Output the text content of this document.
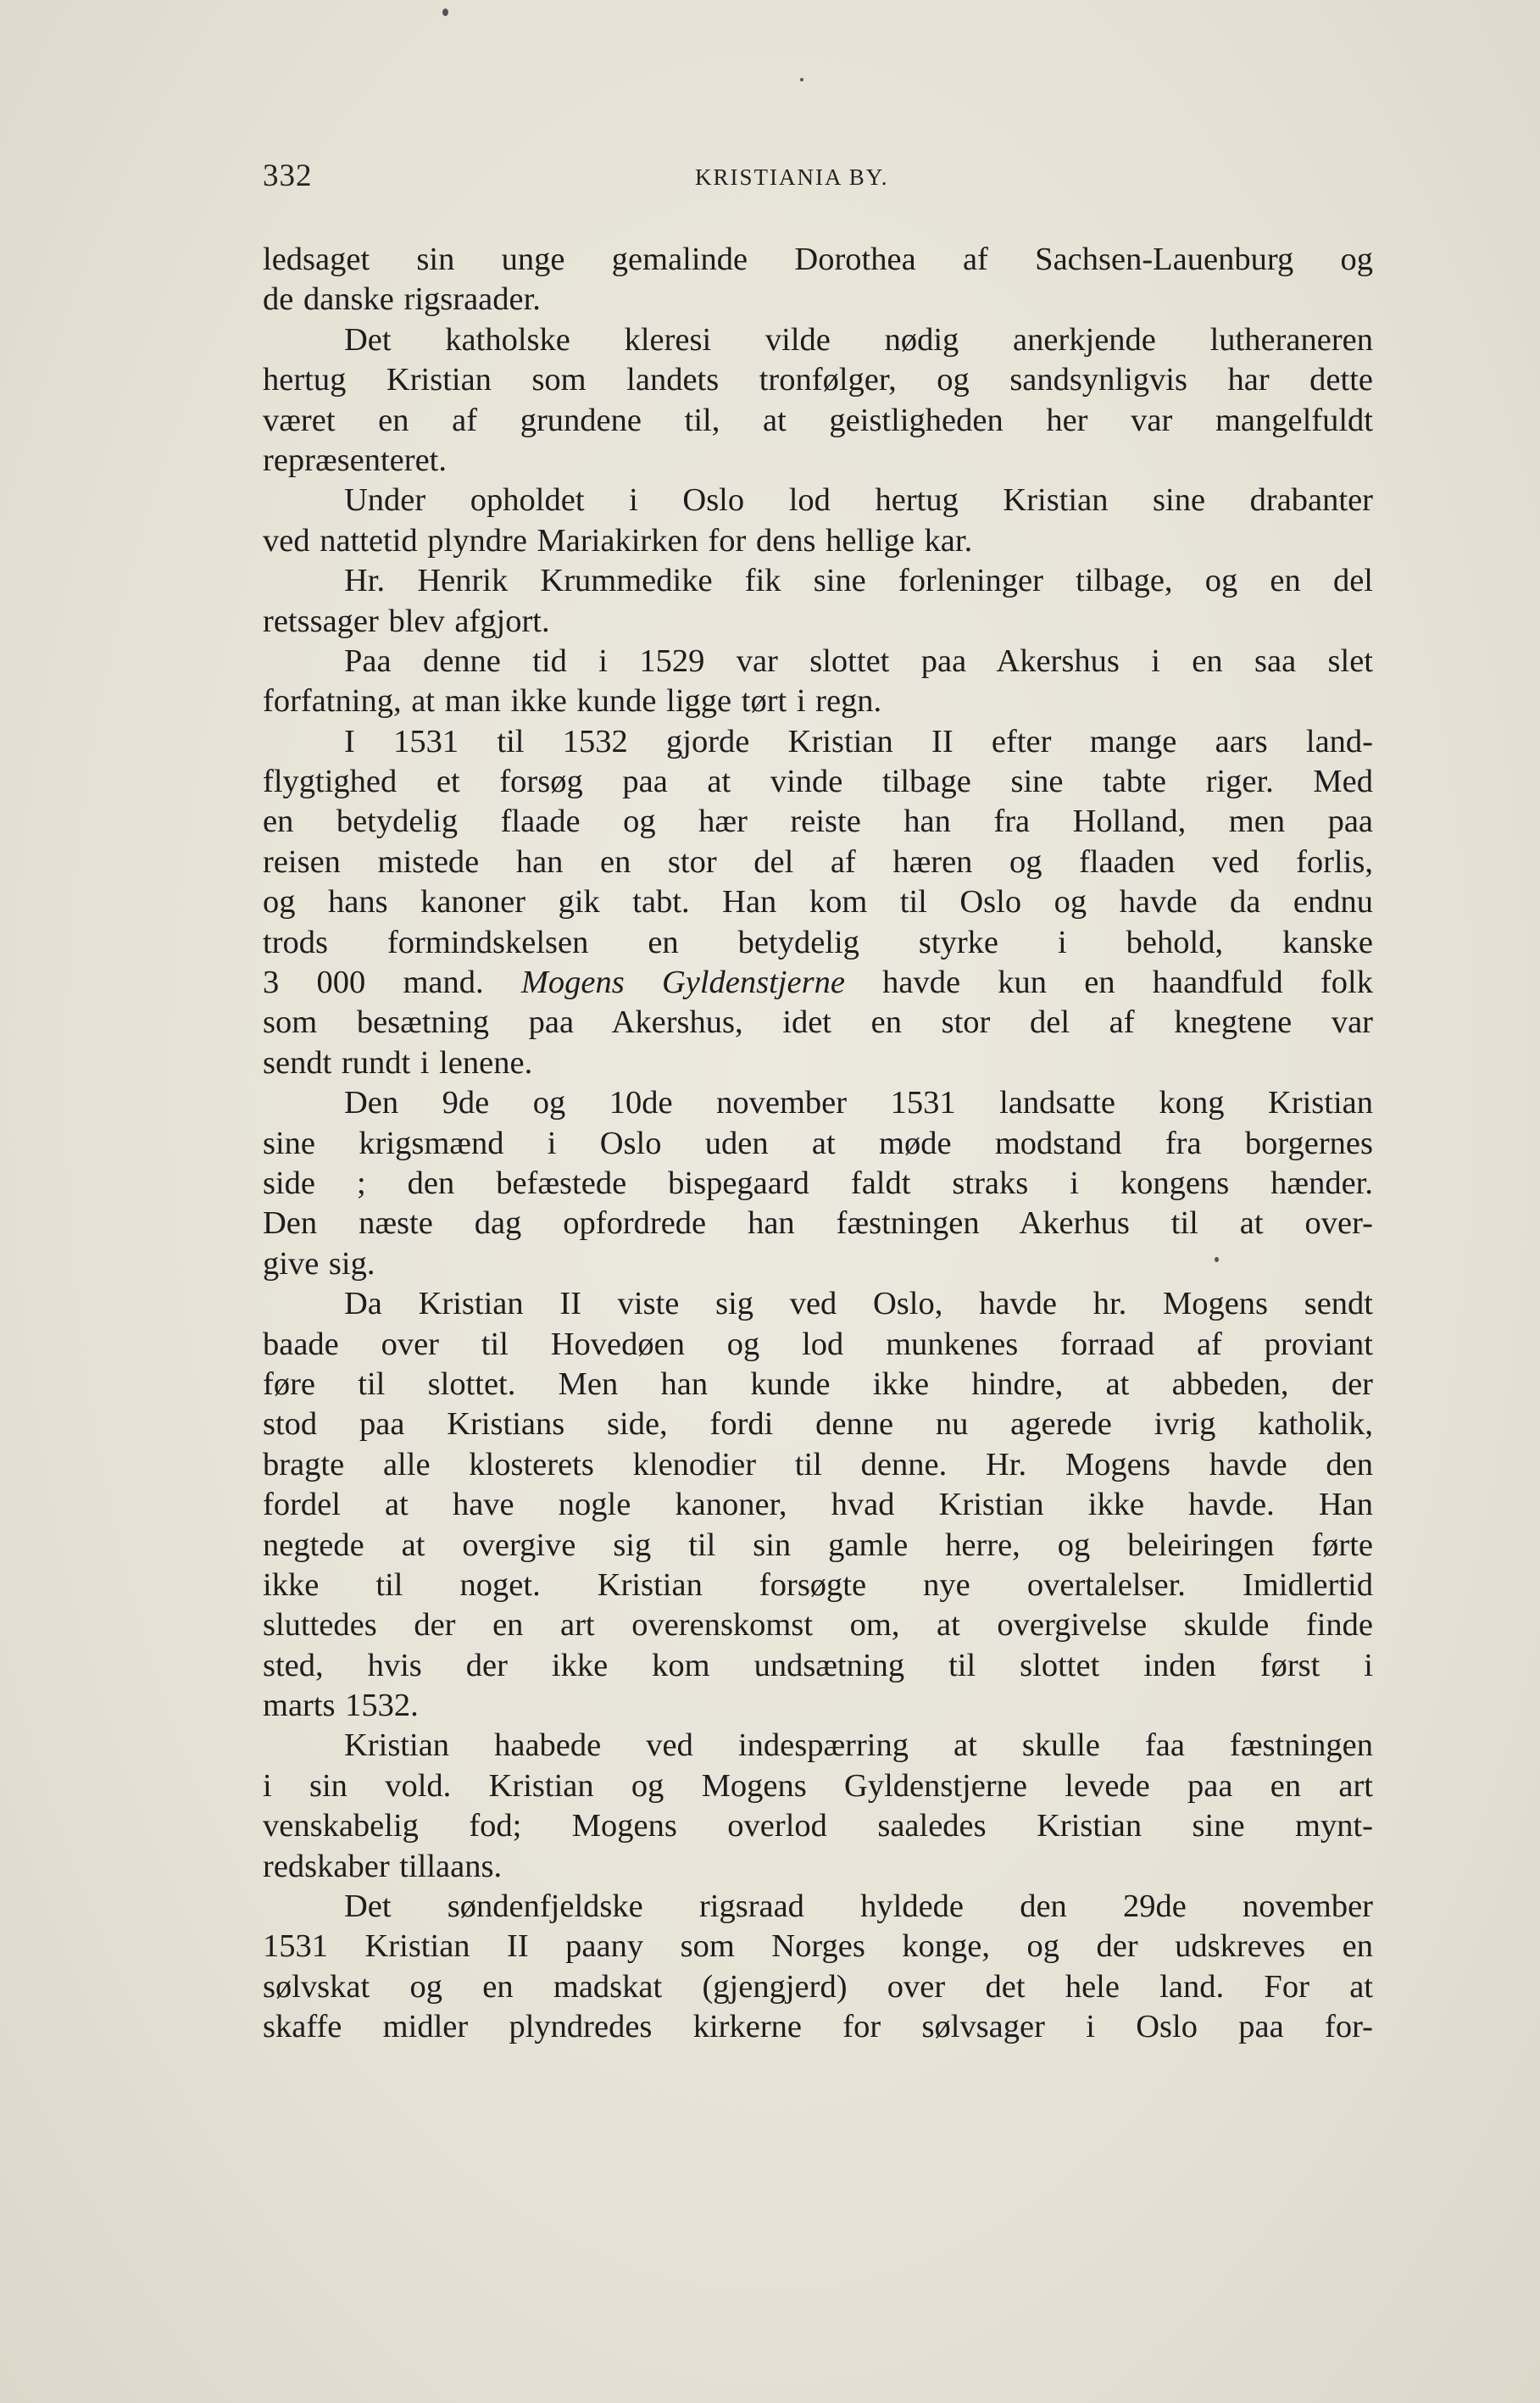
332	KRISTIANIA BY.
ledsaget sin unge gemalinde Dorothea af Sachsen-Lauenburg og
de danske rigsraader.
Det katholske kleresi vilde nødig anerkjende lutheraneren
hertug Kristian som landets tronfølger, og sandsynligvis har dette
været en af grundene til, at geistligheden her var mangelfuldt
repræsenteret.
Under opholdet i Oslo lod hertug Kristian sine drabanter
ved nattetid plyndre Mariakirken for dens hellige kar.
Hr. Henrik Krummedike fik sine forleninger tilbage, og en del
retssager blev afgjort.
Paa denne tid i 1529 var slottet paa Akershus i en saa slet
forfatning, at man ikke kunde ligge tørt i regn.
I 1531 til 1532 gjorde Kristian II efter mange aars land-
flygtighed et forsøg paa at vinde tilbage sine tabte riger. Med
en betydelig flaade og hær reiste han fra Holland, men paa
reisen mistede han en stor del af hæren og flaaden ved forlis,
og hans kanoner gik tabt. Han kom til Oslo og havde da endnu
trods formindskelsen en betydelig styrke i behold, kanske
3 000 mand. Mogens Gyldenstjerne havde kun en haandfuld folk
som besætning paa Akershus, idet en stor del af knegtene var
sendt rundt i lenene.
Den 9de og 10de november 1531 landsatte kong Kristian
sine krigsmænd i Oslo uden at møde modstand fra borgernes
side ; den befæstede bispegaard faldt straks i kongens hænder.
Den næste dag opfordrede han fæstningen Akerhus til at over-
give sig.
Da Kristian II viste sig ved Oslo, havde hr. Mogens sendt
baade over til Hovedøen og lod munkenes forraad af proviant
føre til slottet. Men han kunde ikke hindre, at abbeden, der
stod paa Kristians side, fordi denne nu agerede ivrig katholik,
bragte alle klosterets klenodier til denne. Hr. Mogens havde den
fordel at have nogle kanoner, hvad Kristian ikke havde. Han
negtede at overgive sig til sin gamle herre, og beleiringen førte
ikke til noget. Kristian forsøgte nye overtalelser. Imidlertid
sluttedes der en art overenskomst om, at overgivelse skulde finde
sted, hvis der ikke kom undsætning til slottet inden først i
marts 1532.
Kristian haabede ved indespærring at skulle faa fæstningen
i sin vold. Kristian og Mogens Gyldenstjerne levede paa en art
venskabelig fod; Mogens overlod saaledes Kristian sine mynt-
redskaber tillaans.
Det søndenfjeldske rigsraad hyldede den 29de november
1531 Kristian II paany som Norges konge, og der udskreves en
sølvskat og en madskat (gjengjerd) over det hele land. For at
skaffe midler plyndredes kirkerne for sølvsager i Oslo paa for-
